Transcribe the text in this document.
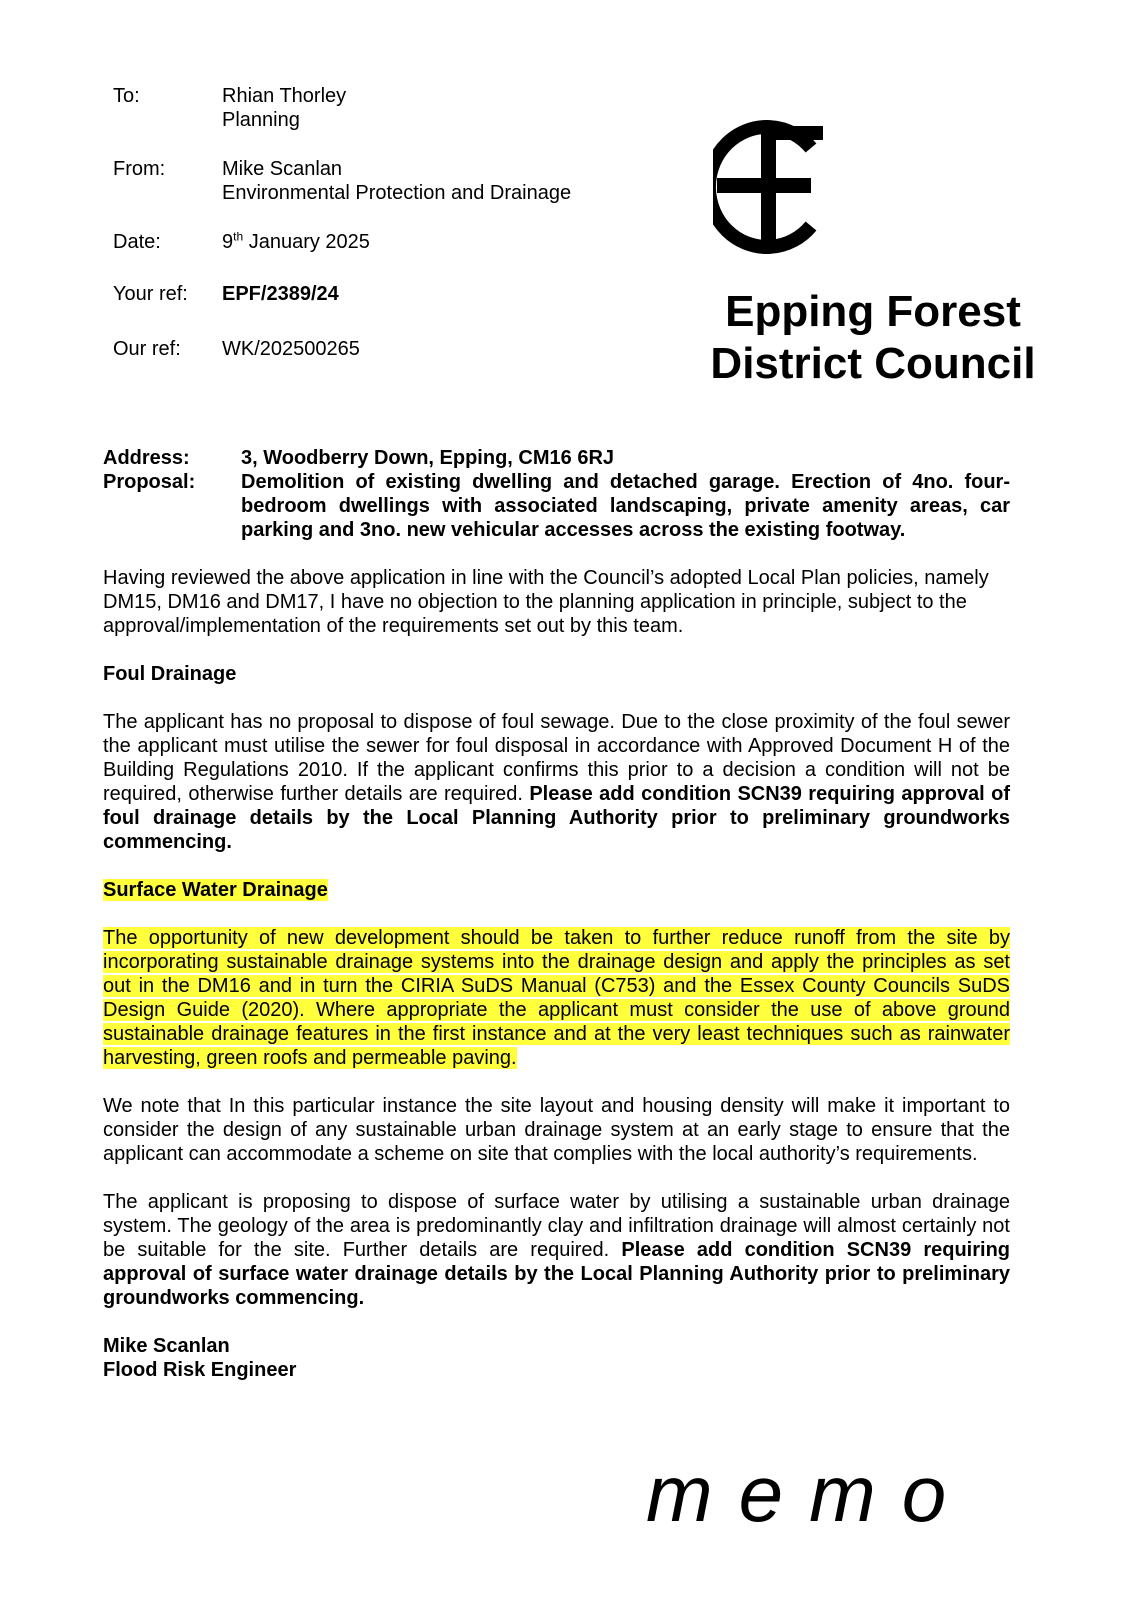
To:	Rhian Thorley
Planning
From:	Mike Scanlan
Environmental Protection and Drainage
Date:	9th January 2025
Your ref: EPF/2389/24
Our ref: WK/202500265
Epping Forest
District Council
Address:	3, Woodberry Down, Epping, CM16 6RJ
Proposal: Demolition of existing dwelling and detached garage. Erection of 4no. four-bedroom dwellings with associated landscaping, private amenity areas, car parking and 3no. new vehicular accesses across the existing footway.
Having reviewed the above application in line with the Council’s adopted Local Plan policies, namely DM15, DM16 and DM17, I have no objection to the planning application in principle, subject to the approval/implementation of the requirements set out by this team.
Foul Drainage
The applicant has no proposal to dispose of foul sewage. Due to the close proximity of the foul sewer the applicant must utilise the sewer for foul disposal in accordance with Approved Document H of the Building Regulations 2010. If the applicant confirms this prior to a decision a condition will not be required, otherwise further details are required. Please add condition SCN39 requiring approval of foul drainage details by the Local Planning Authority prior to preliminary groundworks commencing.
Surface Water Drainage
The opportunity of new development should be taken to further reduce runoff from the site by incorporating sustainable drainage systems into the drainage design and apply the principles as set out in the DM16 and in turn the CIRIA SuDS Manual (C753) and the Essex County Councils SuDS Design Guide (2020). Where appropriate the applicant must consider the use of above ground sustainable drainage features in the first instance and at the very least techniques such as rainwater harvesting, green roofs and permeable paving.
We note that In this particular instance the site layout and housing density will make it important to consider the design of any sustainable urban drainage system at an early stage to ensure that the applicant can accommodate a scheme on site that complies with the local authority’s requirements.
The applicant is proposing to dispose of surface water by utilising a sustainable urban drainage system. The geology of the area is predominantly clay and infiltration drainage will almost certainly not be suitable for the site. Further details are required. Please add condition SCN39 requiring approval of surface water drainage details by the Local Planning Authority prior to preliminary groundworks commencing.
Mike Scanlan
Flood Risk Engineer
memo
